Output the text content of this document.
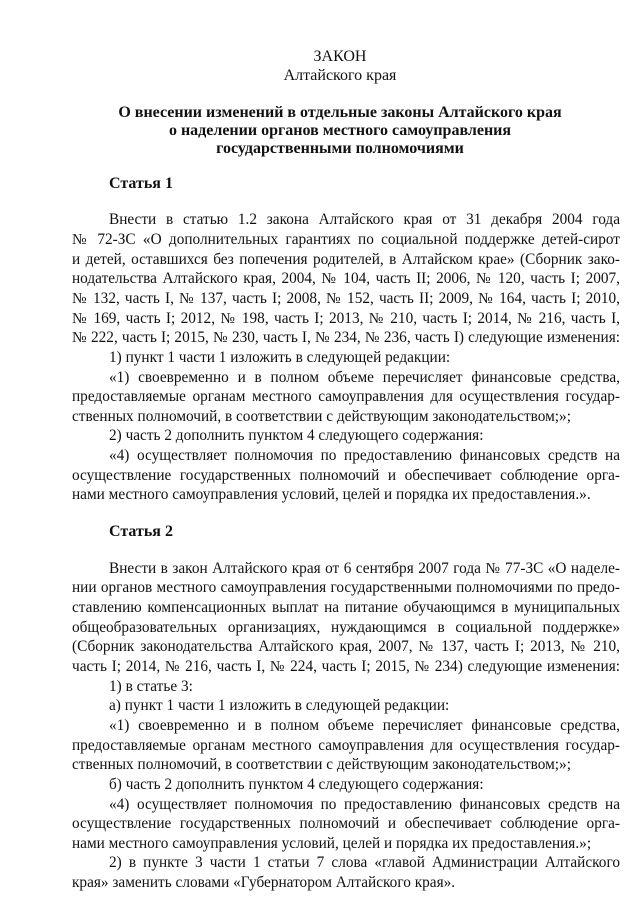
ЗАКОН
Алтайского края
О внесении изменений в отдельные законы Алтайского края
о наделении органов местного самоуправления
государственными полномочиями
Статья 1
Внести в статью 1.2 закона Алтайского края от 31 декабря 2004 года
№ 72-ЗС «О дополнительных гарантиях по социальной поддержке детей-сирот
и детей, оставшихся без попечения родителей, в Алтайском крае» (Сборник зако-
нодательства Алтайского края, 2004, № 104, часть II; 2006, № 120, часть I; 2007,
№ 132, часть I, № 137, часть I; 2008, № 152, часть II; 2009, № 164, часть I; 2010,
№ 169, часть I; 2012, № 198, часть I; 2013, № 210, часть I; 2014, № 216, часть I,
№ 222, часть I; 2015, № 230, часть I, № 234, № 236, часть I) следующие изменения:
1) пункт 1 части 1 изложить в следующей редакции:
«1) своевременно и в полном объеме перечисляет финансовые средства,
предоставляемые органам местного самоуправления для осуществления государ-
ственных полномочий, в соответствии с действующим законодательством;»;
2) часть 2 дополнить пунктом 4 следующего содержания:
«4) осуществляет полномочия по предоставлению финансовых средств на
осуществление государственных полномочий и обеспечивает соблюдение орга-
нами местного самоуправления условий, целей и порядка их предоставления.».
Статья 2
Внести в закон Алтайского края от 6 сентября 2007 года № 77-ЗС «О наделе-
нии органов местного самоуправления государственными полномочиями по предо-
ставлению компенсационных выплат на питание обучающимся в муниципальных
общеобразовательных организациях, нуждающимся в социальной поддержке»
(Сборник законодательства Алтайского края, 2007, № 137, часть I; 2013, № 210,
часть I; 2014, № 216, часть I, № 224, часть I; 2015, № 234) следующие изменения:
1) в статье 3:
а) пункт 1 части 1 изложить в следующей редакции:
«1) своевременно и в полном объеме перечисляет финансовые средства,
предоставляемые органам местного самоуправления для осуществления государ-
ственных полномочий, в соответствии с действующим законодательством;»;
б) часть 2 дополнить пунктом 4 следующего содержания:
«4) осуществляет полномочия по предоставлению финансовых средств на
осуществление государственных полномочий и обеспечивает соблюдение орга-
нами местного самоуправления условий, целей и порядка их предоставления.»;
2) в пункте 3 части 1 статьи 7 слова «главой Администрации Алтайского
края» заменить словами «Губернатором Алтайского края».
